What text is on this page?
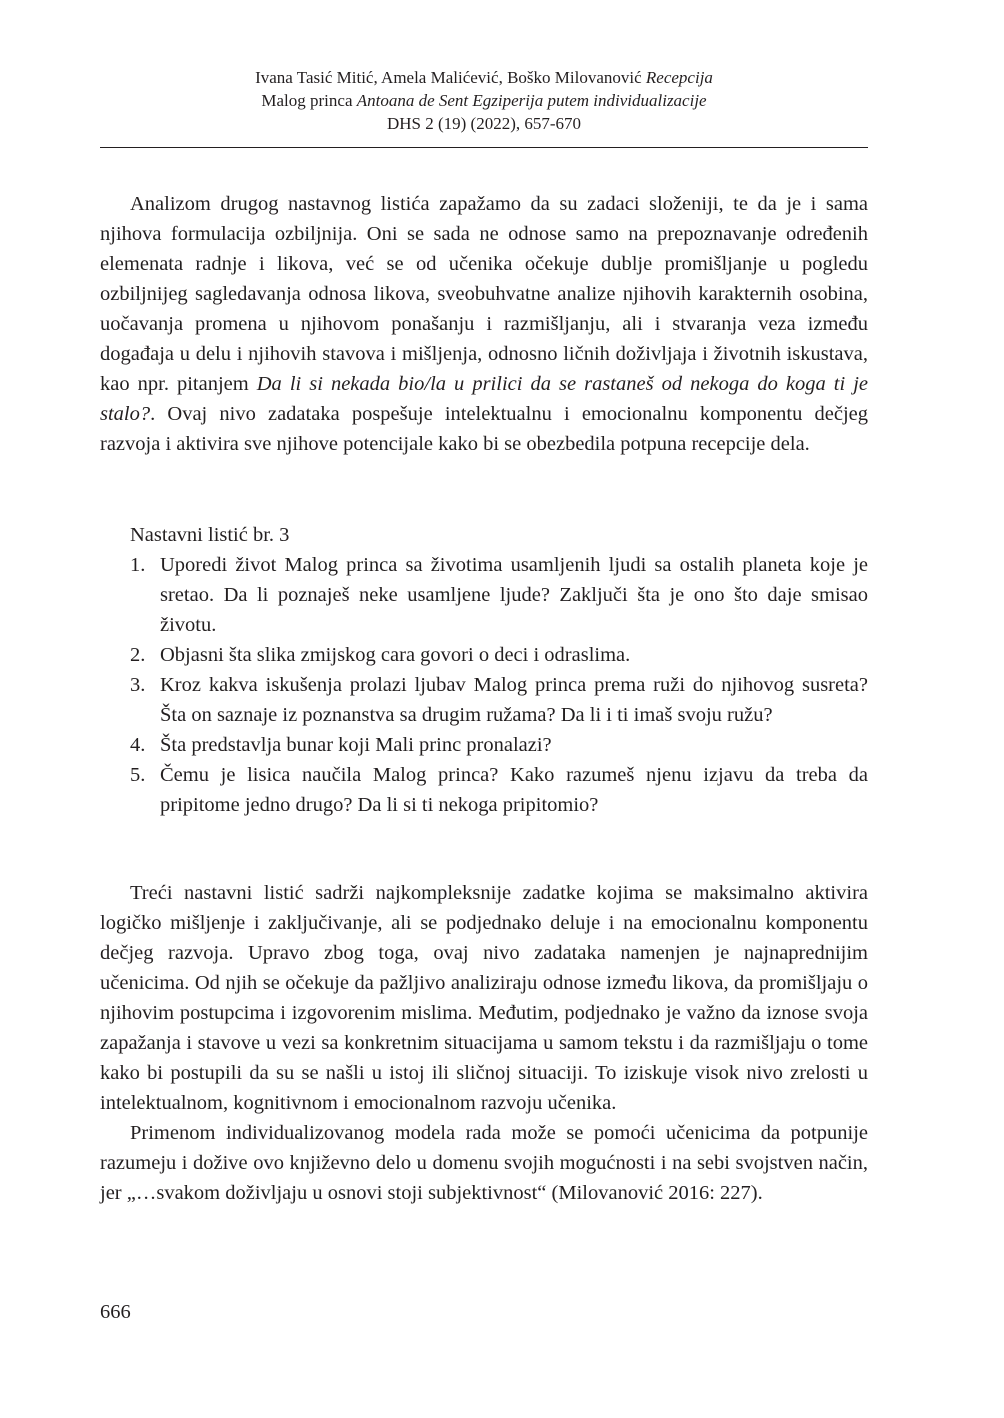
Ivana Tasić Mitić, Amela Malićević, Boško Milovanović Recepcija
Malog princa Antoana de Sent Egziperija putem individualizacije
DHS 2 (19) (2022), 657-670

Analizom drugog nastavnog listića zapažamo da su zadaci složeniji, te da je i sama njihova formulacija ozbiljnija. Oni se sada ne odnose samo na prepoznavanje određenih elemenata radnje i likova, već se od učenika očekuje dublje promišljanje u pogledu ozbiljnijeg sagledavanja odnosa likova, sveobuhvatne analize njihovih karakternih osobina, uočavanja promena u njihovom ponašanju i razmišljanju, ali i stvaranja veza između događaja u delu i njihovih stavova i mišljenja, odnosno ličnih doživljaja i životnih iskustava, kao npr. pitanjem Da li si nekada bio/la u prilici da se rastaneš od nekoga do koga ti je stalo?. Ovaj nivo zadataka pospešuje intelektualnu i emocionalnu komponentu dečjeg razvoja i aktivira sve njihove potencijale kako bi se obezbedila potpuna recepcije dela.

Nastavni listić br. 3

1. Uporedi život Malog princa sa životima usamljenih ljudi sa ostalih planeta koje je sretao. Da li poznaješ neke usamljene ljude? Zaključi šta je ono što daje smisao životu.
2. Objasni šta slika zmijskog cara govori o deci i odraslima.
3. Kroz kakva iskušenja prolazi ljubav Malog princa prema ruži do njihovog susreta? Šta on saznaje iz poznanstva sa drugim ružama? Da li i ti imaš svoju ružu?
4. Šta predstavlja bunar koji Mali princ pronalazi?
5. Čemu je lisica naučila Malog princa? Kako razumeš njenu izjavu da treba da pripitome jedno drugo? Da li si ti nekoga pripitomio?

Treći nastavni listić sadrži najkompleksnije zadatke kojima se maksimalno aktivira logičko mišljenje i zaključivanje, ali se podjednako deluje i na emocionalnu komponentu dečjeg razvoja. Upravo zbog toga, ovaj nivo zadataka namenjen je najnaprednijim učenicima. Od njih se očekuje da pažljivo analiziraju odnose između likova, da promišljaju o njihovim postupcima i izgovorenim mislima. Međutim, podjednako je važno da iznose svoja zapažanja i stavove u vezi sa konkretnim situacijama u samom tekstu i da razmišljaju o tome kako bi postupili da su se našli u istoj ili sličnoj situaciji. To iziskuje visok nivo zrelosti u intelektualnom, kognitivnom i emocionalnom razvoju učenika.

Primenom individualizovanog modela rada može se pomoći učenicima da potpunije razumeju i dožive ovo književno delo u domenu svojih mogućnosti i na sebi svojstven način, jer „…svakom doživljaju u osnovi stoji subjektivnost“ (Milovanović 2016: 227).

666
